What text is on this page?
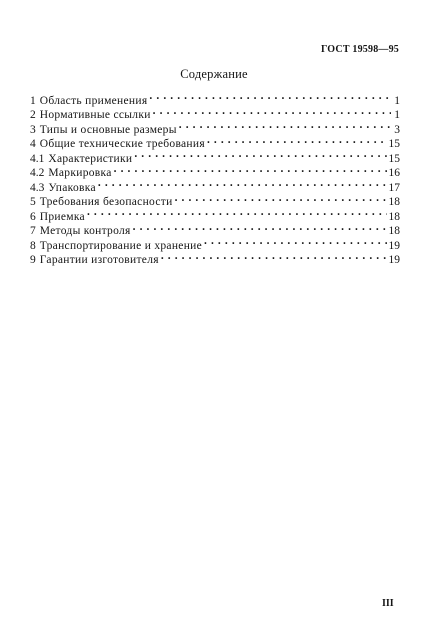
ГОСТ 19598—95
Содержание
1 Область применения . . .	1
2 Нормативные ссылки . . .	1
3 Типы и основные размеры . . .	3
4 Общие технические требования . . .	15
4.1 Характеристики . . .	15
4.2 Маркировка . . .	16
4.3 Упаковка . . .	17
5 Требования безопасности . . .	18
6 Приемка . . .	18
7 Методы контроля . . .	18
8 Транспортирование и хранение . . .	19
9 Гарантии изготовителя . . .	19
III
